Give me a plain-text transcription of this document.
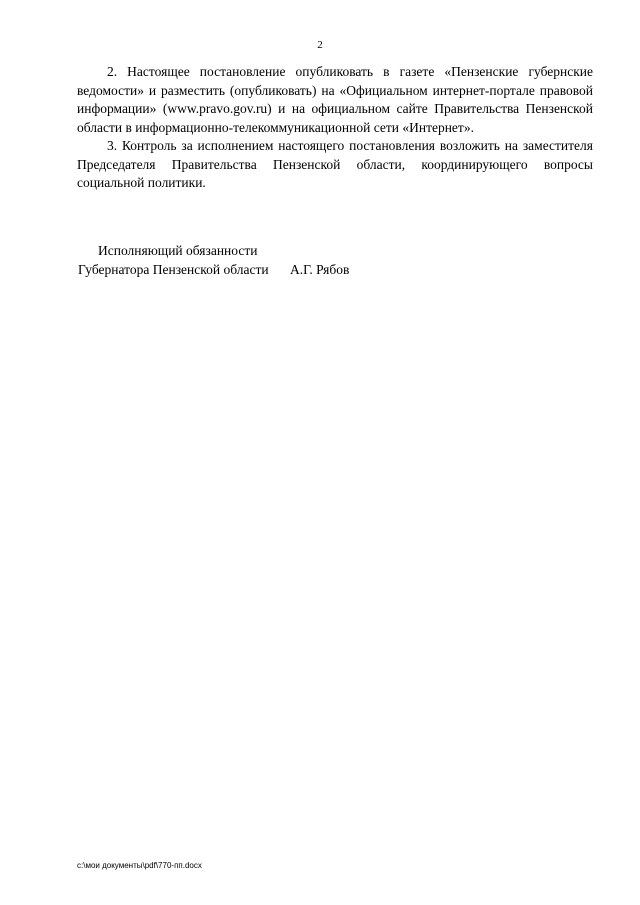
2

2. Настоящее постановление опубликовать в газете «Пензенские губернские ведомости» и разместить (опубликовать) на «Официальном интернет-портале правовой информации» (www.pravo.gov.ru) и на официальном сайте Правительства Пензенской области в информационно-телекоммуникационной сети «Интернет».

3. Контроль за исполнением настоящего постановления возложить на заместителя Председателя Правительства Пензенской области, координирующего вопросы социальной политики.

Исполняющий обязанности
Губернатора Пензенской области А.Г. Рябов
c:\мои документы\pdf\770-пп.docx
